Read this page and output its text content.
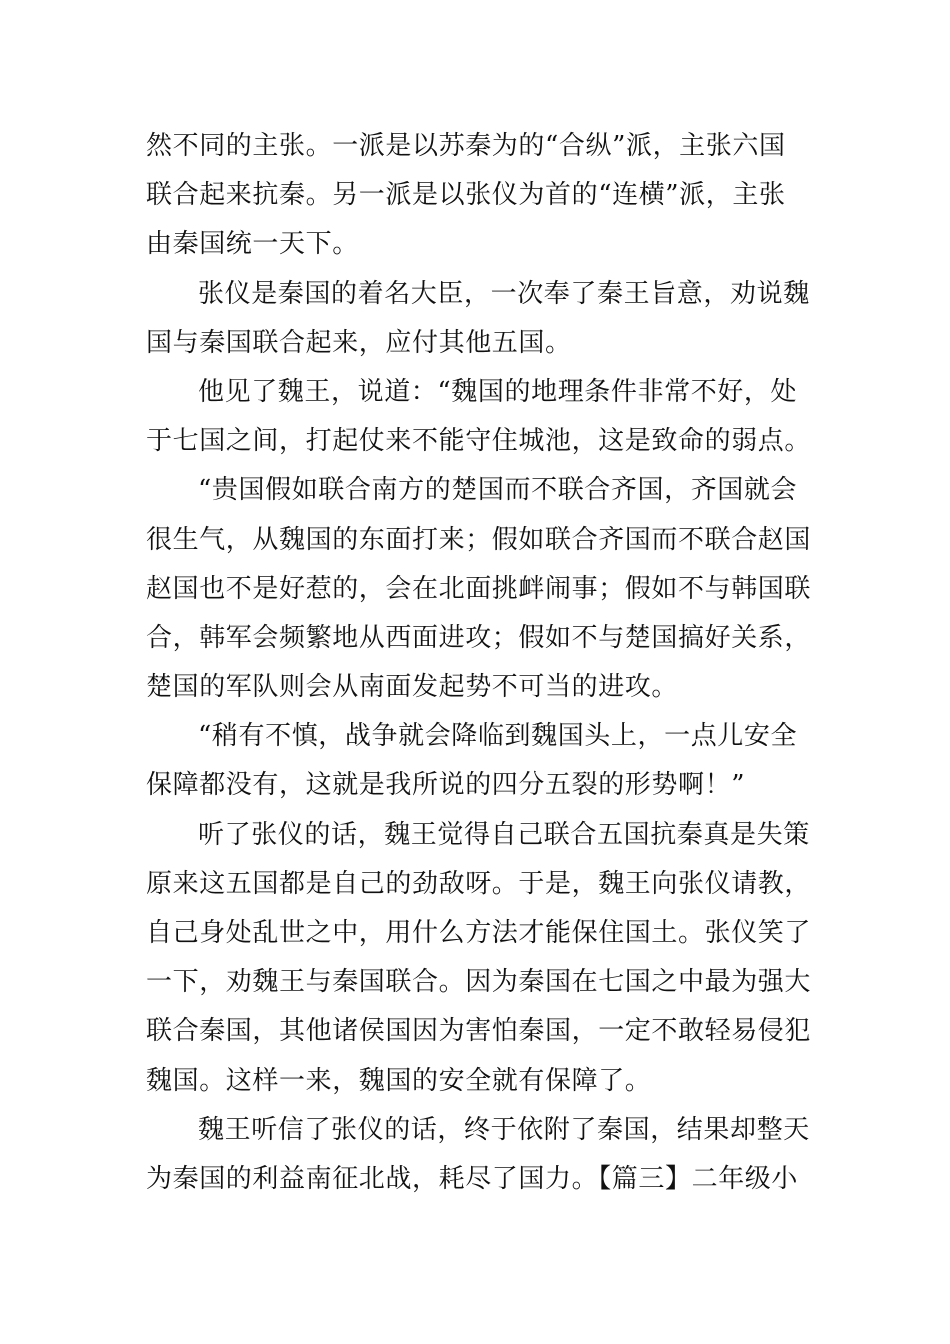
然不同的主张。一派是以苏秦为的“合纵”派，主张六国
联合起来抗秦。另一派是以张仪为首的“连横”派，主张
由秦国统一天下。
张仪是秦国的着名大臣，一次奉了秦王旨意，劝说魏
国与秦国联合起来，应付其他五国。
他见了魏王，说道：“魏国的地理条件非常不好，处
于七国之间，打起仗来不能守住城池，这是致命的弱点。
“贵国假如联合南方的楚国而不联合齐国，齐国就会
很生气，从魏国的东面打来；假如联合齐国而不联合赵国
赵国也不是好惹的，会在北面挑衅闹事；假如不与韩国联
合，韩军会频繁地从西面进攻；假如不与楚国搞好关系，
楚国的军队则会从南面发起势不可当的进攻。
“稍有不慎，战争就会降临到魏国头上，一点儿安全
保障都没有，这就是我所说的四分五裂的形势啊！”
听了张仪的话，魏王觉得自己联合五国抗秦真是失策
原来这五国都是自己的劲敌呀。于是，魏王向张仪请教，
自己身处乱世之中，用什么方法才能保住国土。张仪笑了
一下，劝魏王与秦国联合。因为秦国在七国之中最为强大
联合秦国，其他诸侯国因为害怕秦国，一定不敢轻易侵犯
魏国。这样一来，魏国的安全就有保障了。
魏王听信了张仪的话，终于依附了秦国，结果却整天
为秦国的利益南征北战，耗尽了国力。【篇三】二年级小
